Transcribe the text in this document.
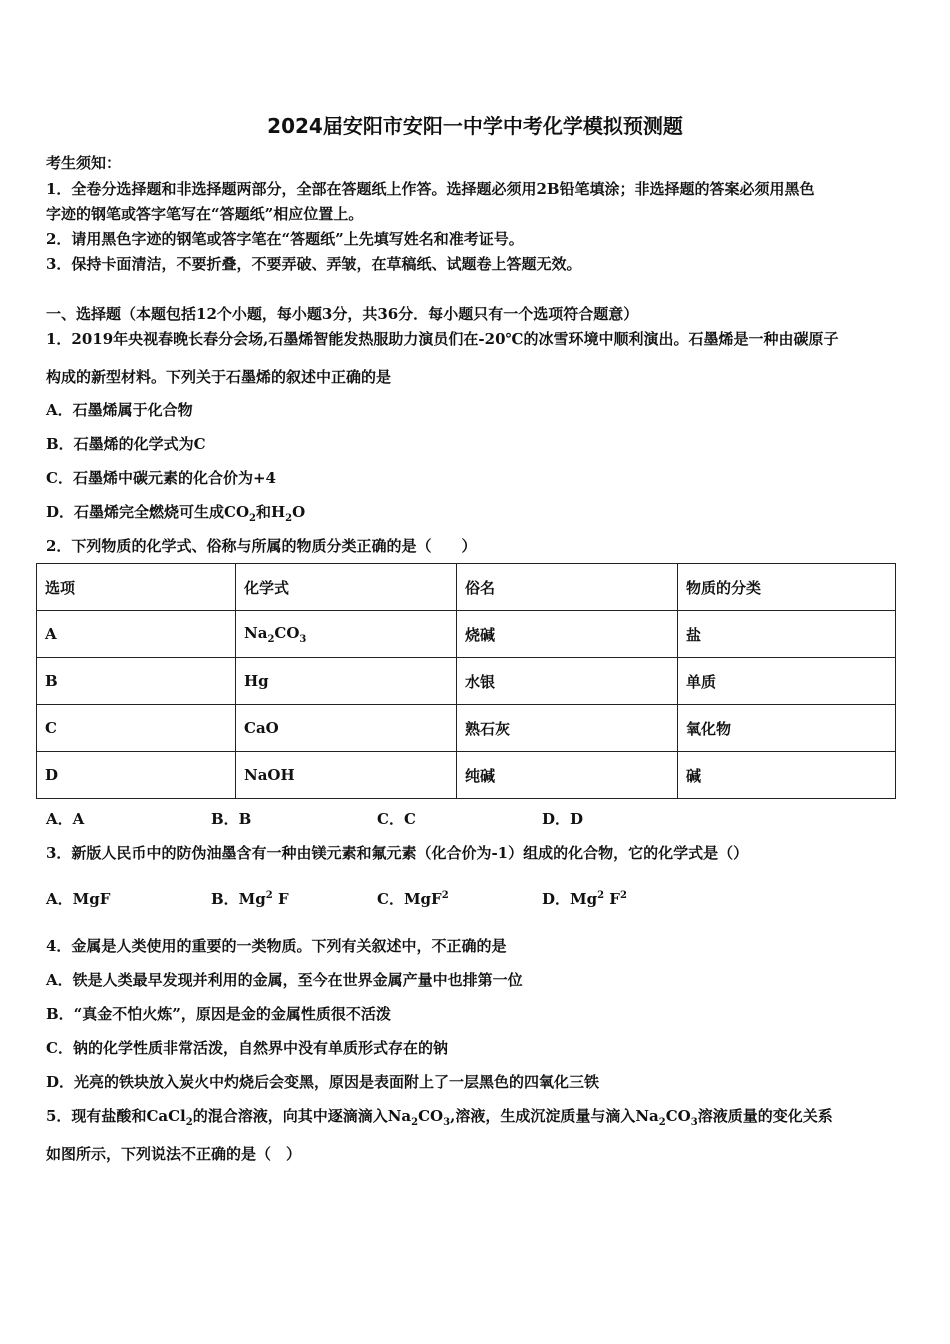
2024届安阳市安阳一中学中考化学模拟预测题
考生须知：
1．全卷分选择题和非选择题两部分，全部在答题纸上作答。选择题必须用2B铅笔填涂；非选择题的答案必须用黑色
字迹的钢笔或答字笔写在“答题纸”相应位置上。
2．请用黑色字迹的钢笔或答字笔在“答题纸”上先填写姓名和准考证号。
3．保持卡面清洁，不要折叠，不要弄破、弄皱，在草稿纸、试题卷上答题无效。
一、选择题（本题包括12个小题，每小题3分，共36分．每小题只有一个选项符合题意）
1．2019年央视春晚长春分会场,石墨烯智能发热服助力演员们在-20℃的冰雪环境中顺利演出。石墨烯是一种由碳原子
构成的新型材料。下列关于石墨烯的叙述中正确的是
A．石墨烯属于化合物
B．石墨烯的化学式为C
C．石墨烯中碳元素的化合价为+4
D．石墨烯完全燃烧可生成$CO_2$和$H_2O$
2．下列物质的化学式、俗称与所属的物质分类正确的是（　　）
选项	化学式	俗名	物质的分类
A	$Na_2CO_3$	烧碱	盐
B	Hg	水银	单质
C	CaO	熟石灰	氧化物
D	NaOH	纯碱	碱
A．A	B．B	C．C	D．D
3．新版人民币中的防伪油墨含有一种由镁元素和氟元素（化合价为-1）组成的化合物，它的化学式是（）
A．MgF	B．Mg$^2$ F	C．MgF$^2$	D．Mg$^2$ $F^2$
4．金属是人类使用的重要的一类物质。下列有关叙述中，不正确的是
A．铁是人类最早发现并利用的金属，至今在世界金属产量中也排第一位
B．“真金不怕火炼”，原因是金的金属性质很不活泼
C．钠的化学性质非常活泼，自然界中没有单质形式存在的钠
D．光亮的铁块放入炭火中灼烧后会变黑，原因是表面附上了一层黑色的四氧化三铁
5．现有盐酸和CaCl$_2$的混合溶液，向其中逐滴滴入$Na_2CO_3$,溶液，生成沉淀质量与滴入$Na_2CO_3$溶液质量的变化关系
如图所示，下列说法不正确的是（　）
